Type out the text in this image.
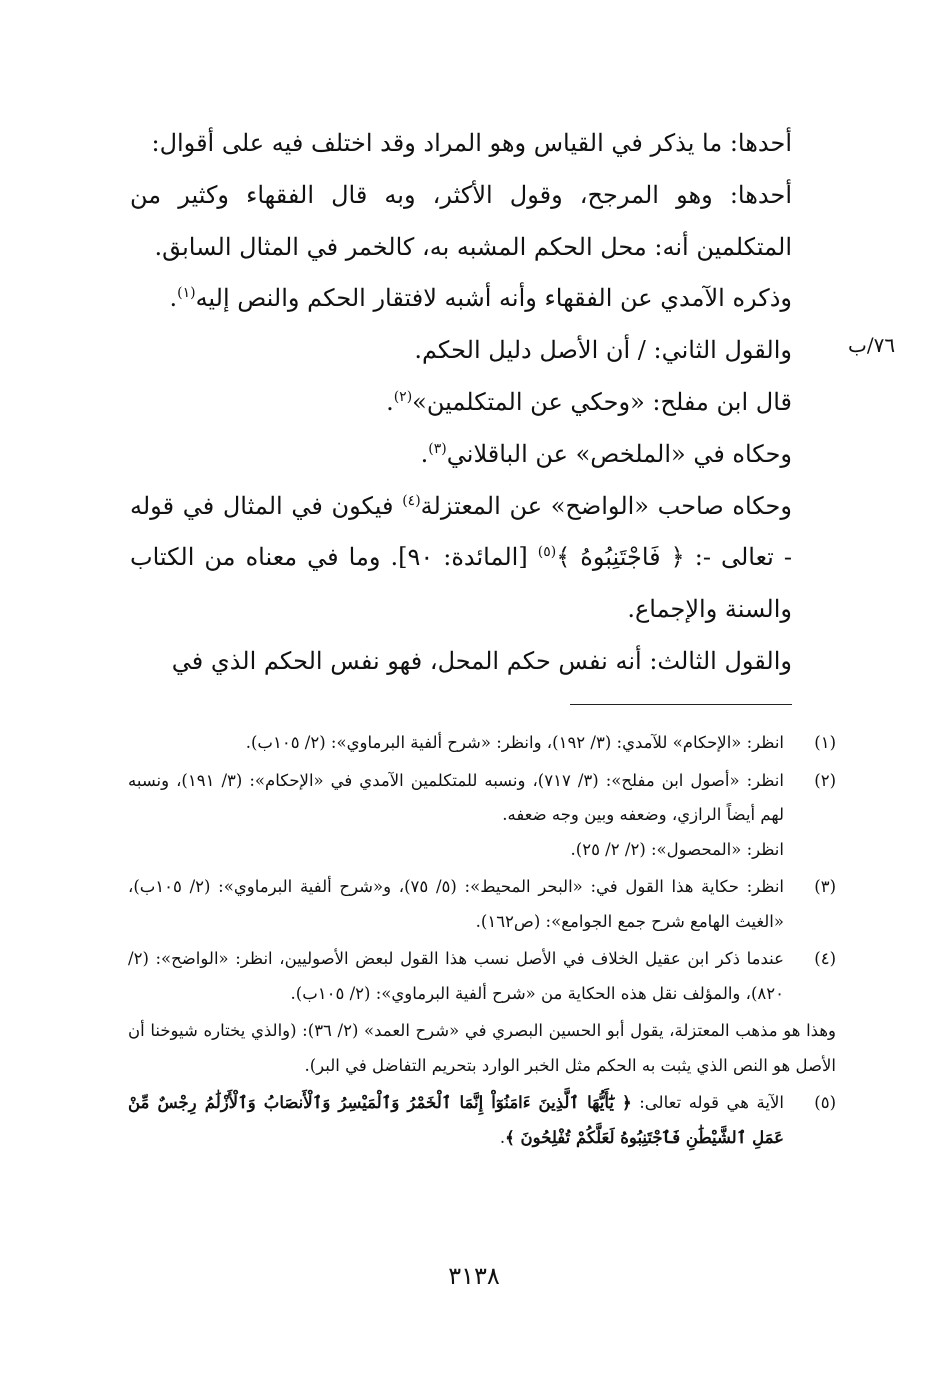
٧٦/ب

أحدها: ما يذكر في القياس وهو المراد وقد اختلف فيه على أقوال:

أحدها: وهو المرجح، وقول الأكثر، وبه قال الفقهاء وكثير من المتكلمين أنه: محل الحكم المشبه به، كالخمر في المثال السابق.

وذكره الآمدي عن الفقهاء وأنه أشبه لافتقار الحكم والنص إليه$^{(١)}$.

والقول الثاني: / أن الأصل دليل الحكم.

قال ابن مفلح: «وحكي عن المتكلمين»$^{(٢)}$.

وحكاه في «الملخص» عن الباقلاني$^{(٣)}$.

وحكاه صاحب «الواضح» عن المعتزلة$^{(٤)}$ فيكون في المثال في قوله - تعالى -: ﴿ فَاجْتَنِبُوهُ ﴾$^{(٥)}$ [المائدة: ٩٠]. وما في معناه من الكتاب والسنة والإجماع.

والقول الثالث: أنه نفس حكم المحل، فهو نفس الحكم الذي في

(١)

انظر: «الإحكام» للآمدي: (٣/ ١٩٢)، وانظر: «شرح ألفية البرماوي»: (٢/ ١٠٥ب).

(٢)

انظر: «أصول ابن مفلح»: (٣/ ٧١٧)، ونسبه للمتكلمين الآمدي في «الإحكام»: (٣/ ١٩١)، ونسبه لهم أيضاً الرازي، وضعفه وبين وجه ضعفه.

انظر: «المحصول»: (٢/ ٢/ ٢٥).

(٣)

انظر: حكاية هذا القول في: «البحر المحيط»: (٥/ ٧٥)، و«شرح ألفية البرماوي»: (٢/ ١٠٥ب)، «الغيث الهامع شرح جمع الجوامع»: (ص١٦٢).

(٤)

عندما ذكر ابن عقيل الخلاف في الأصل نسب هذا القول لبعض الأصوليين، انظر: «الواضح»: (٢/ ٨٢٠)، والمؤلف نقل هذه الحكاية من «شرح ألفية البرماوي»: (٢/ ١٠٥ب).

وهذا هو مذهب المعتزلة، يقول أبو الحسين البصري في «شرح العمد» (٢/ ٣٦): (والذي يختاره شيوخنا أن الأصل هو النص الذي يثبت به الحكم مثل الخبر الوارد بتحريم التفاضل في البر).

(٥)

الآية هي قوله تعالى: ﴿ يَٰٓأَيُّهَا ٱلَّذِينَ ءَامَنُوٓاْ إِنَّمَا ٱلْخَمْرُ وَٱلْمَيْسِرُ وَٱلْأَنصَابُ وَٱلْأَزْلَٰمُ رِجْسٌ مِّنْ عَمَلِ ٱلشَّيْطَٰنِ فَٱجْتَنِبُوهُ لَعَلَّكُمْ تُفْلِحُونَ ﴾.

٣١٣٨
